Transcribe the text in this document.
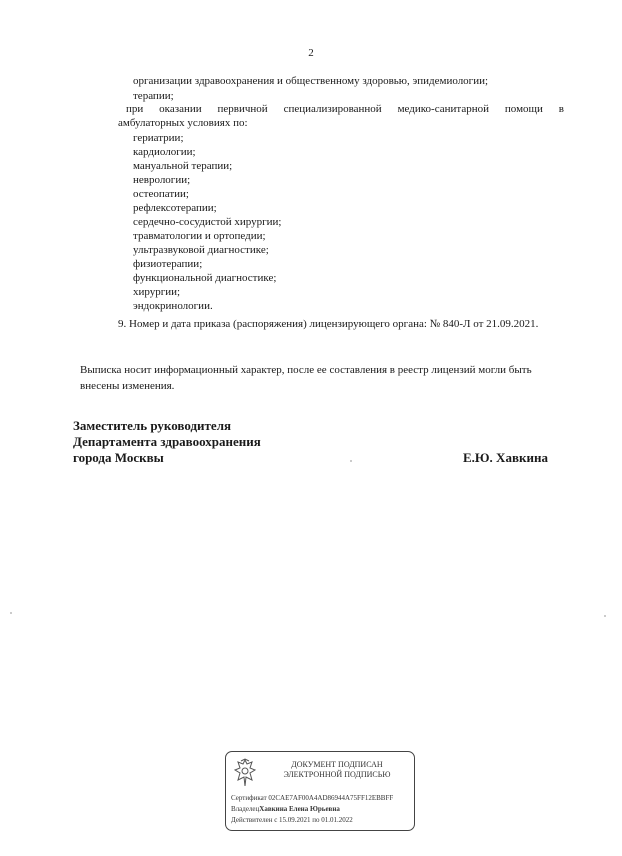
2
организации здравоохранения и общественному здоровью, эпидемиологии;
терапии;
при оказании первичной специализированной медико-санитарной помощи в
амбулаторных условиях по:
гериатрии;
кардиологии;
мануальной терапии;
неврологии;
остеопатии;
рефлексотерапии;
сердечно-сосудистой хирургии;
травматологии и ортопедии;
ультразвуковой диагностике;
физиотерапии;
функциональной диагностике;
хирургии;
эндокринологии.
9. Номер и дата приказа (распоряжения) лицензирующего органа: № 840-Л от 21.09.2021.
Выписка носит информационный характер, после ее составления в реестр лицензий могли быть внесены изменения.
Заместитель руководителя
Департамента здравоохранения
города Москвы	Е.Ю. Хавкина
ДОКУМЕНТ ПОДПИСАН
ЭЛЕКТРОННОЙ ПОДПИСЬЮ
Сертификат 02CAE7AF00A4AD86944A75FF12EBBFF
ВладелецХавкина Елена Юрьевна
Действителен с 15.09.2021 по 01.01.2022
